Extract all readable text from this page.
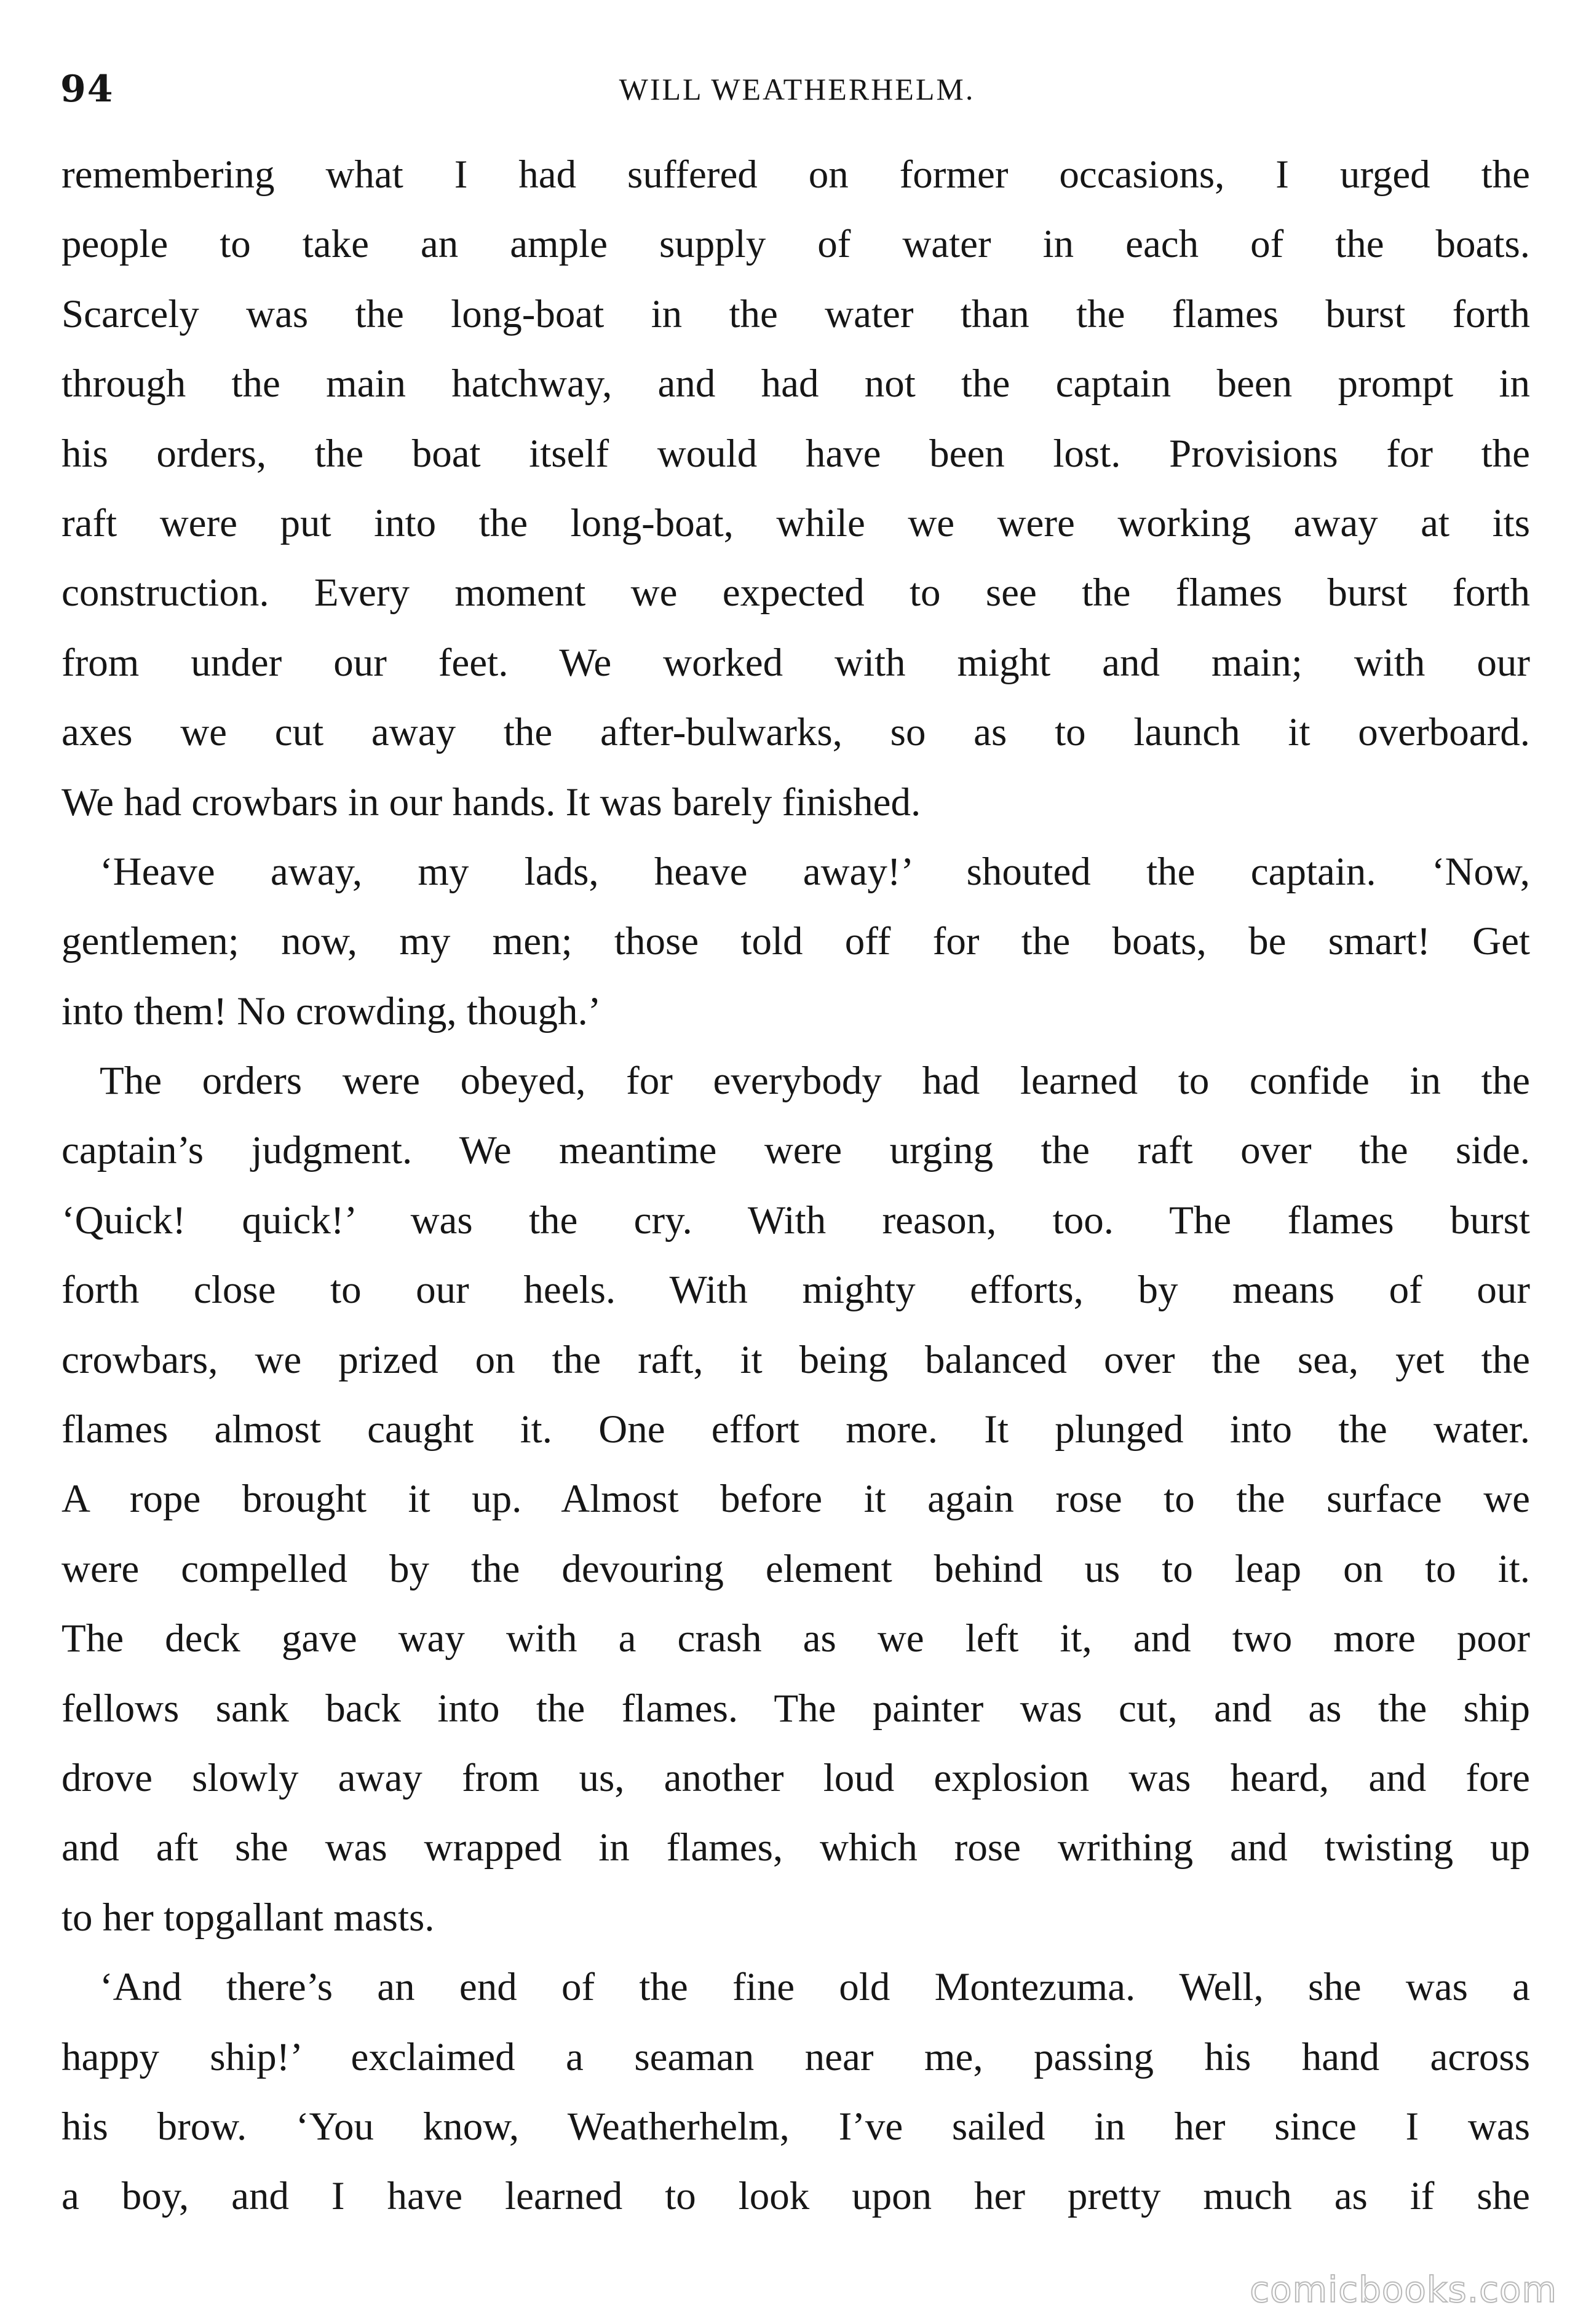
94	WILL WEATHERHELM.
remembering what I had suffered on former occasions, I urged the
people to take an ample supply of water in each of the boats.
Scarcely was the long-boat in the water than the flames burst forth
through the main hatchway, and had not the captain been prompt in
his orders, the boat itself would have been lost. Provisions for the
raft were put into the long-boat, while we were working away at its
construction. Every moment we expected to see the flames burst forth
from under our feet. We worked with might and main; with our
axes we cut away the after-bulwarks, so as to launch it overboard.
We had crowbars in our hands. It was barely finished.
‘Heave away, my lads, heave away!’ shouted the captain. ‘Now,
gentlemen; now, my men; those told off for the boats, be smart! Get
into them! No crowding, though.’
The orders were obeyed, for everybody had learned to confide in the
captain’s judgment. We meantime were urging the raft over the side.
‘Quick! quick!’ was the cry. With reason, too. The flames burst
forth close to our heels. With mighty efforts, by means of our
crowbars, we prized on the raft, it being balanced over the sea, yet the
flames almost caught it. One effort more. It plunged into the water.
A rope brought it up. Almost before it again rose to the surface we
were compelled by the devouring element behind us to leap on to it.
The deck gave way with a crash as we left it, and two more poor
fellows sank back into the flames. The painter was cut, and as the ship
drove slowly away from us, another loud explosion was heard, and fore
and aft she was wrapped in flames, which rose writhing and twisting up
to her topgallant masts.
‘And there’s an end of the fine old Montezuma. Well, she was a
happy ship!’ exclaimed a seaman near me, passing his hand across
his brow. ‘You know, Weatherhelm, I’ve sailed in her since I was
a boy, and I have learned to look upon her pretty much as if she
comicbooks.com
